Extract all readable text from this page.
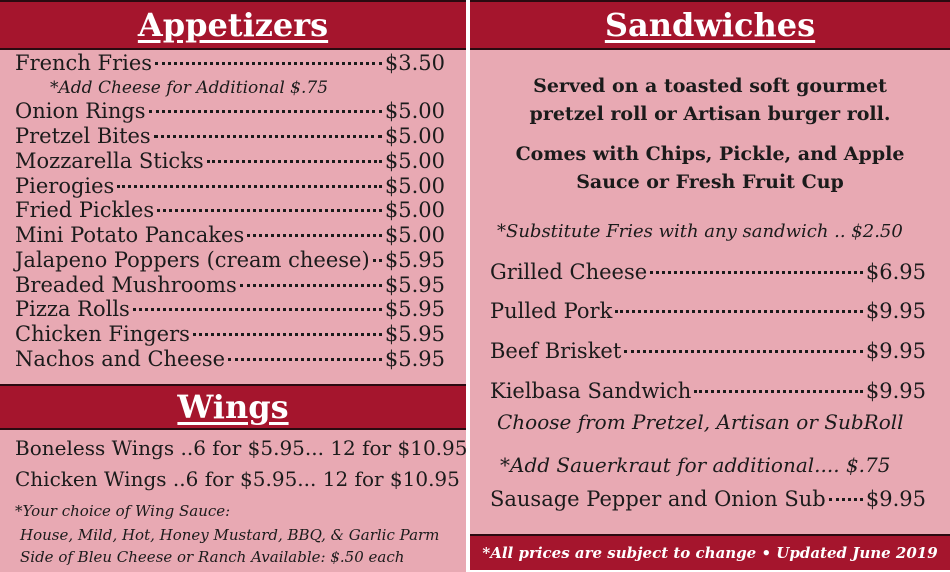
Appetizers
French Fries	$3.50
*Add Cheese for Additional $.75
Onion Rings	$5.00
Pretzel Bites	$5.00
Mozzarella Sticks	$5.00
Pierogies	$5.00
Fried Pickles	$5.00
Mini Potato Pancakes	$5.00
Jalapeno Poppers (cream cheese) $5.95
Breaded Mushrooms	$5.95
Pizza Rolls	$5.95
Chicken Fingers	$5.95
Nachos and Cheese	$5.95
Wings
Boneless Wings
..6 for $5.95... 12 for $10.95
Chicken Wings
..6 for $5.95... 12 for $10.95
*Your choice of Wing Sauce:
House, Mild, Hot, Honey Mustard, BBQ, & Garlic Parm
Side of Bleu Cheese or Ranch Available: $.50 each
Sandwiches
Served on a toasted soft gourmet
pretzel roll or Artisan burger roll.
Comes with Chips, Pickle, and Apple
Sauce or Fresh Fruit Cup
*Substitute Fries with any sandwich .. $2.50
Grilled Cheese	$6.95
Pulled Pork	$9.95
Beef Brisket	$9.95
Kielbasa Sandwich	$9.95
Choose from Pretzel, Artisan or SubRoll
*Add Sauerkraut for additional .... $.75
Sausage Pepper and Onion Sub $9.95
*All prices are subject to change • Updated June 2019
